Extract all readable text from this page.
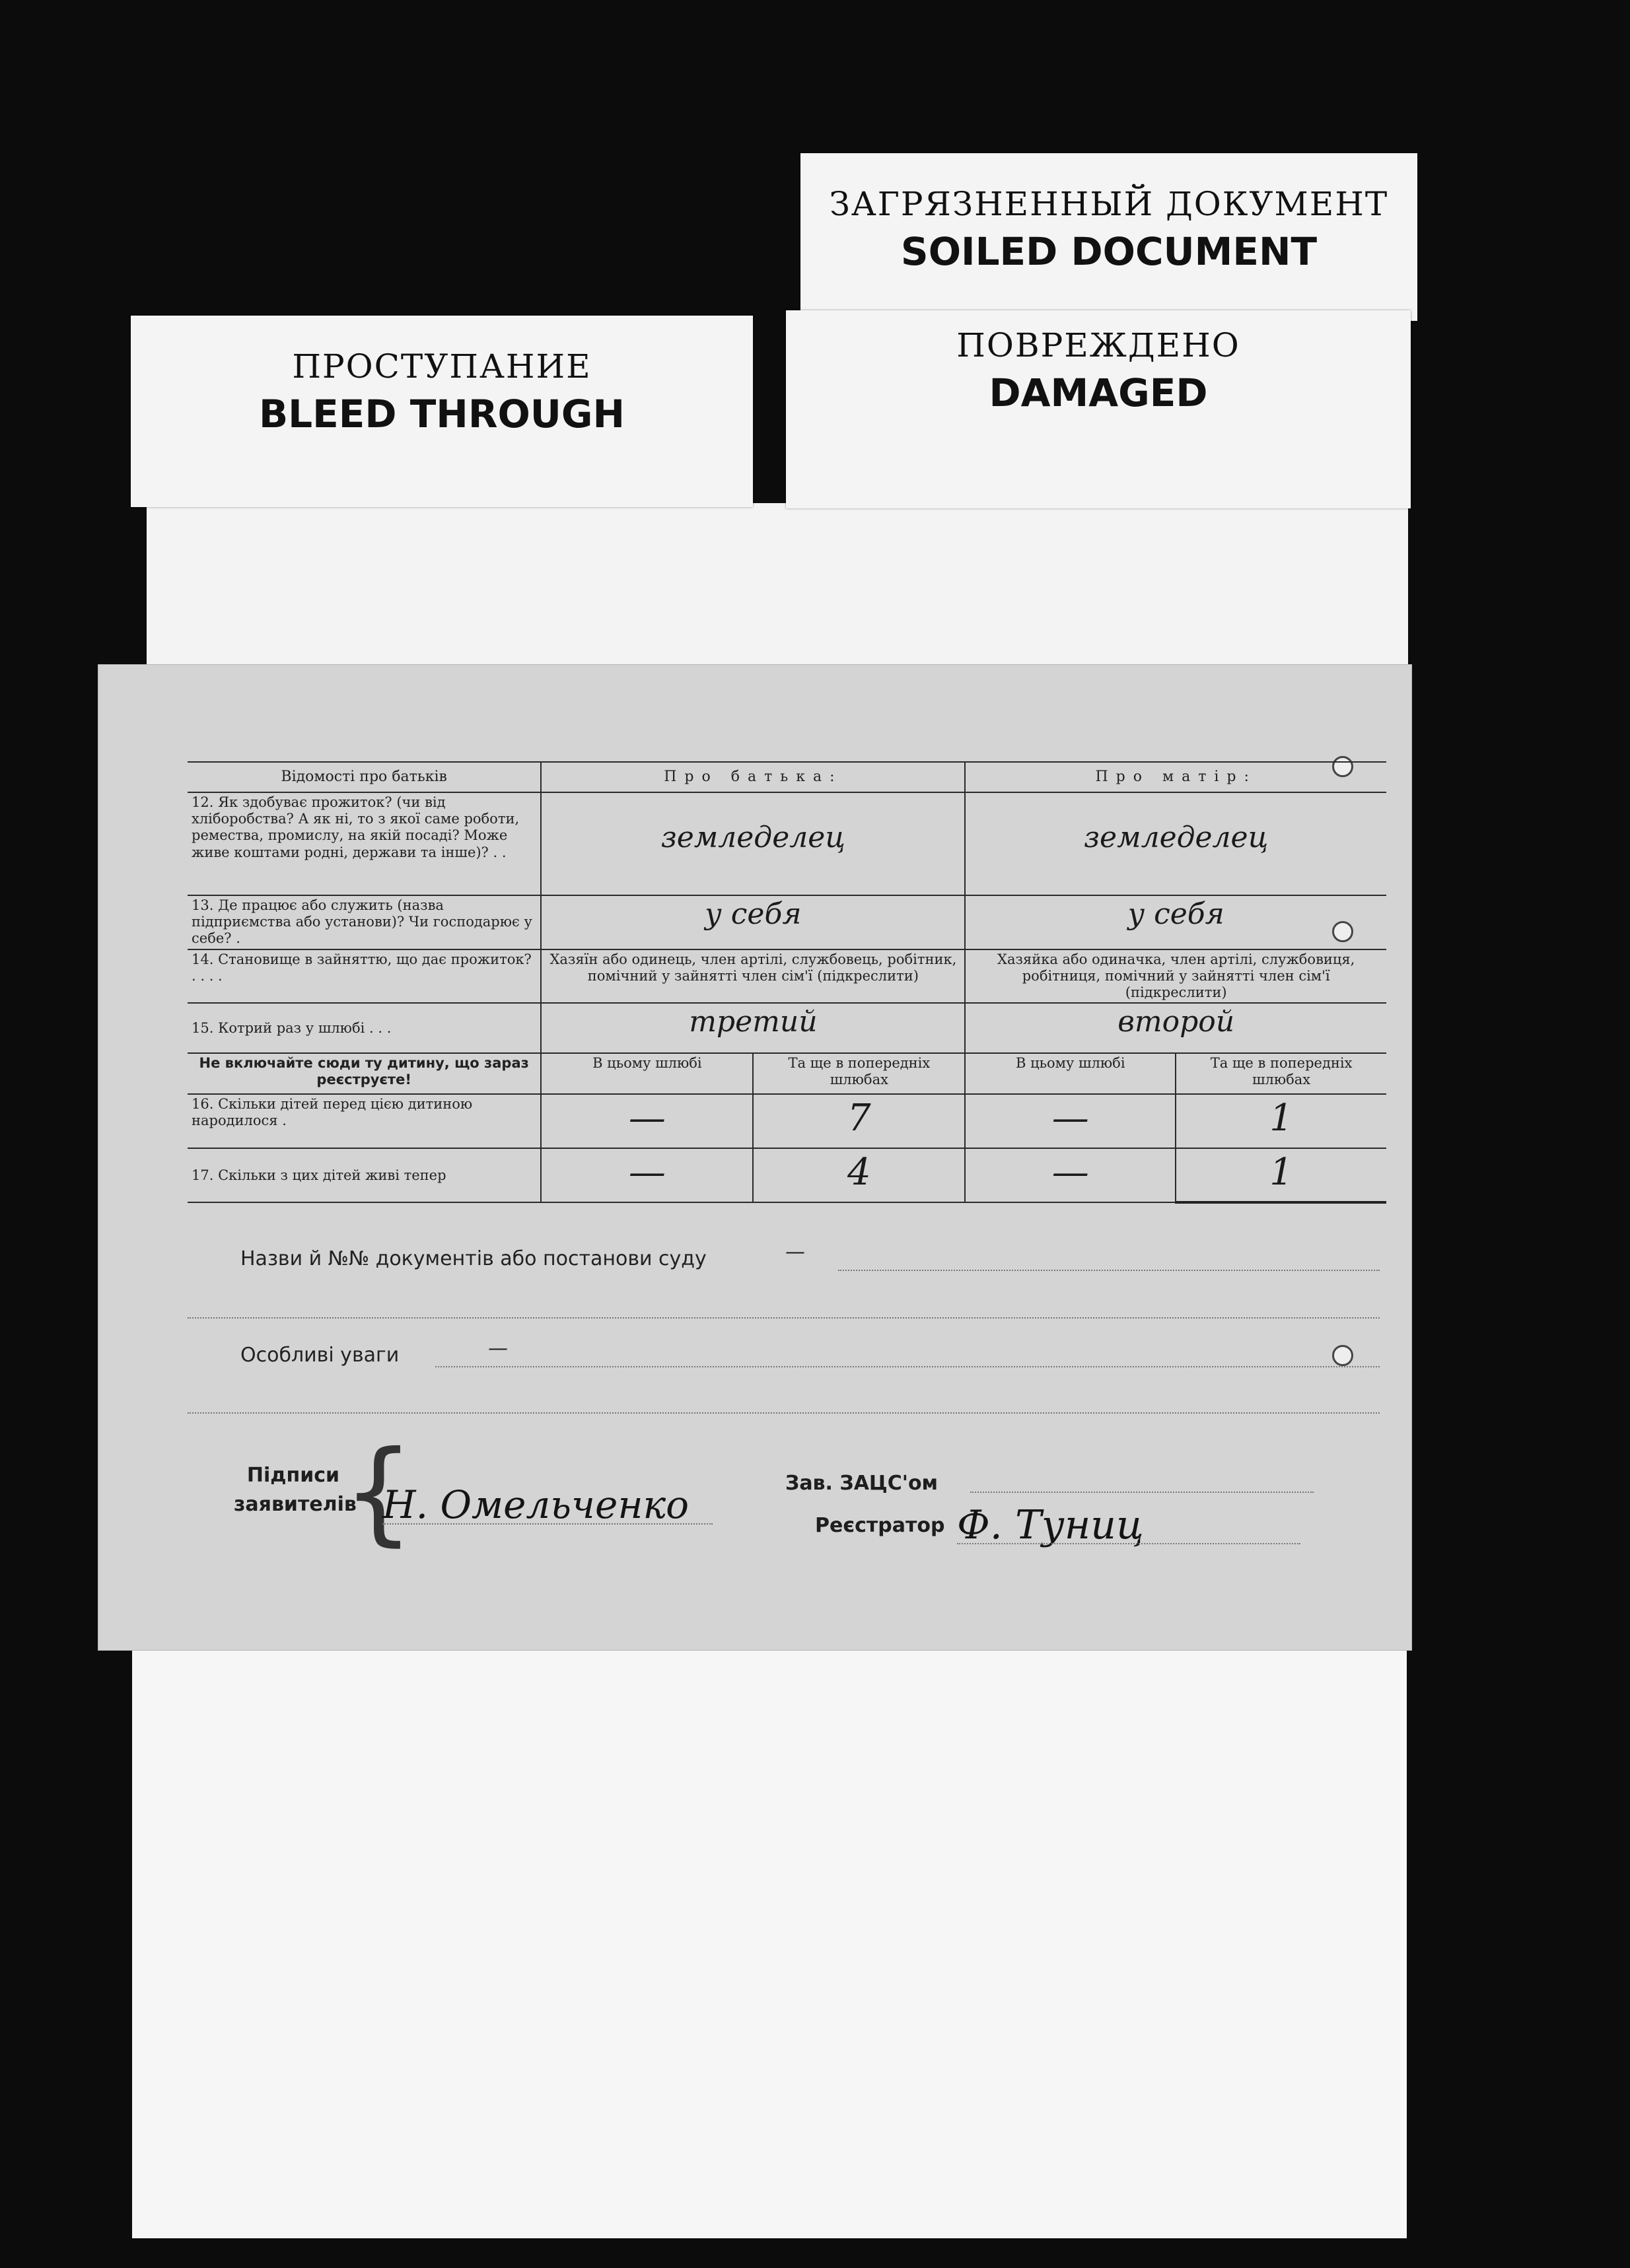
ЗАГРЯЗНЕННЫЙ ДОКУМЕНТ
SOILED DOCUMENT
ПОВРЕЖДЕНО
DAMAGED
ПРОСТУПАНИЕ
BLEED THROUGH
Відомості про батьків	Про батька:		Про матір:	
12. Як здобуває прожиток? (чи від хліборобства? А як ні, то з якої саме роботи, ремества, промислу, на якій посаді? Може живе коштами родні, держави та інше)? . .	земледелец		земледелец	

13. Де працює або служить (назва підприємства або установи)? Чи господарює у себе? .	у себя		у себя	

14. Становище в зайняттю, що дає прожиток? . . . .	Хазяїн або одинець, член артілі, службовець, робітник, помічний у зайнятті член сім'ї (підкреслити)		Хазяйка або одиначка, член артілі, службовиця, робітниця, помічний у зайнятті член сім'ї (підкреслити)	
15. Котрий раз у шлюбі . . .	третий		второй	

Не включайте сюди ту дитину, що зараз реєструєте!	В цьому шлюбі	Та ще в попередніх шлюбах	В цьому шлюбі	Та ще в попередніх шлюбах
16. Скільки дітей перед цією дитиною народилося .	—	7	—	1

17. Скільки з цих дітей живі тепер	—	4	—	1
Назви й №№ документів або постанови суду	—
Особливі уваги	—
Підписи заявителів
{
Н. Омельченко	Зав. ЗАЦС'ом
Реєстратор Ф. Туниц
